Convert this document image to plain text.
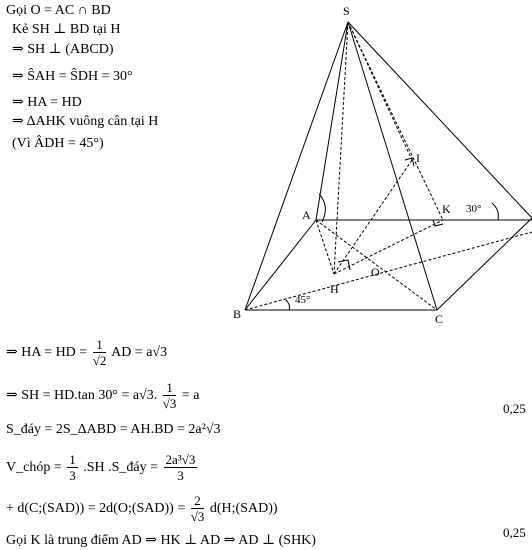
Gọi O = AC ∩ BD
Kẻ SH ⊥ BD tại H
⇒ SH ⊥ (ABCD)
⇒ ŜAH = ŜDH = 30°
⇒ HA = HD
⇒ ΔAHK vuông cân tại H
(Vì ÂDH = 45°)
S
A
B	C
H
O
K
I
30°
45°
⇒ HA = HD = $\frac{1}{√2}$ AD = a√3
⇒ SH = HD.tan 30° = a√3. $\frac{1}{√3} = a$
0,25
S_đáy = 2S_ΔABD = AH.BD = 2a²√3
V_chóp = $\frac{1}{3} .SH$ .S_đáy = $\frac{\text{2a³√3}}{3}$
+ d(C;(SAD)) = 2d(O;(SAD)) = $\frac{2}{√3}$ d(H;(SAD))
Gọi K là trung điểm AD ⇒ HK ⊥ AD ⇒ AD ⊥ (SHK)
0,25
